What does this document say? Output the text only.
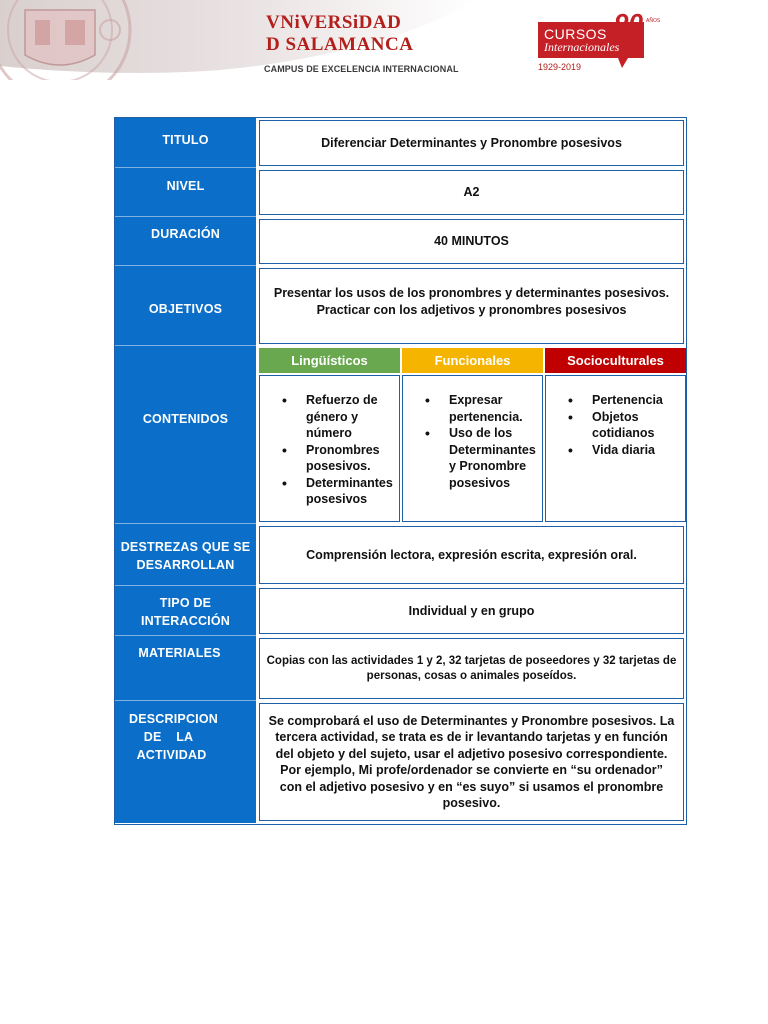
VNiVERSiDAD
D SALAMANCA
CAMPUS DE EXCELENCIA INTERNACIONAL
CURSOS
Internacionales
90 AÑOS
1929-2019
TITULO	Diferenciar Determinantes y Pronombre posesivos
NIVEL	A2
DURACIÓN
40 MINUTOS
OBJETIVOS
Presentar los usos de los pronombres y determinantes posesivos.
Practicar con los adjetivos y pronombres posesivos
CONTENIDOS
Lingüísticos
• Refuerzo de género y número
• Pronombres posesivos.
• Determinantes posesivos
Funcionales
• Expresar pertenencia.
• Uso de los Determinantes y Pronombre posesivos
Socioculturales
• Pertenencia
• Objetos cotidianos
• Vida diaria
DESTREZAS QUE SE
DESARROLLAN
Comprensión lectora, expresión escrita, expresión oral.
TIPO DE
INTERACCIÓN
Individual y en grupo
MATERIALES
Copias con las actividades 1 y 2, 32 tarjetas de poseedores y 32 tarjetas de
personas, cosas o animales poseídos.
DESCRIPCION
DE    LA
ACTIVIDAD
Se comprobará el uso de Determinantes y Pronombre posesivos. La tercera actividad, se trata es de ir levantando tarjetas y en función del objeto y del sujeto, usar el adjetivo posesivo correspondiente. Por ejemplo, Mi profe/ordenador se convierte en “su ordenador” con el adjetivo posesivo y en “es suyo” si usamos el pronombre posesivo.
